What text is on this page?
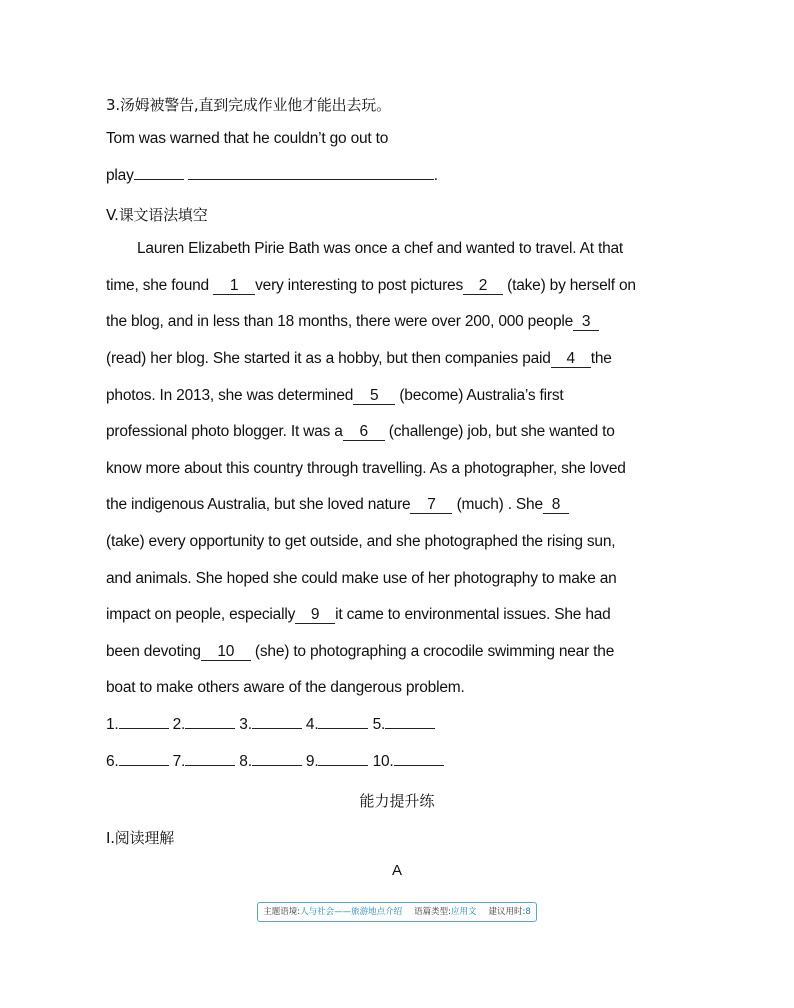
3.汤姆被警告,直到完成作业他才能出去玩。
Tom was warned that he couldn’t go out to
play	.
V.课文语法填空
Lauren Elizabeth Pirie Bath was once a chef and wanted to travel. At that
time, she found 1 very interesting to post pictures 2 (take) by herself on
the blog, and in less than 18 months, there were over 200, 000 people 3
(read) her blog. She started it as a hobby, but then companies paid 4 the
photos. In 2013, she was determined 5 (become) Australia’s first
professional photo blogger. It was a 6 (challenge) job, but she wanted to
know more about this country through travelling. As a photographer, she loved
the indigenous Australia, but she loved nature 7 (much) . She 8
(take) every opportunity to get outside, and she photographed the rising sun,
and animals. She hoped she could make use of her photography to make an
impact on people, especially 9 it came to environmental issues. She had
been devoting 10 (she) to photographing a crocodile swimming near the
boat to make others aware of the dangerous problem.
1.	2.	3.	4.	5.
6.	7.	8.	9.	10.
能力提升练
I.阅读理解
A
主题语境:人与社会——旅游地点介绍 语篇类型:应用文 建议用时:8
